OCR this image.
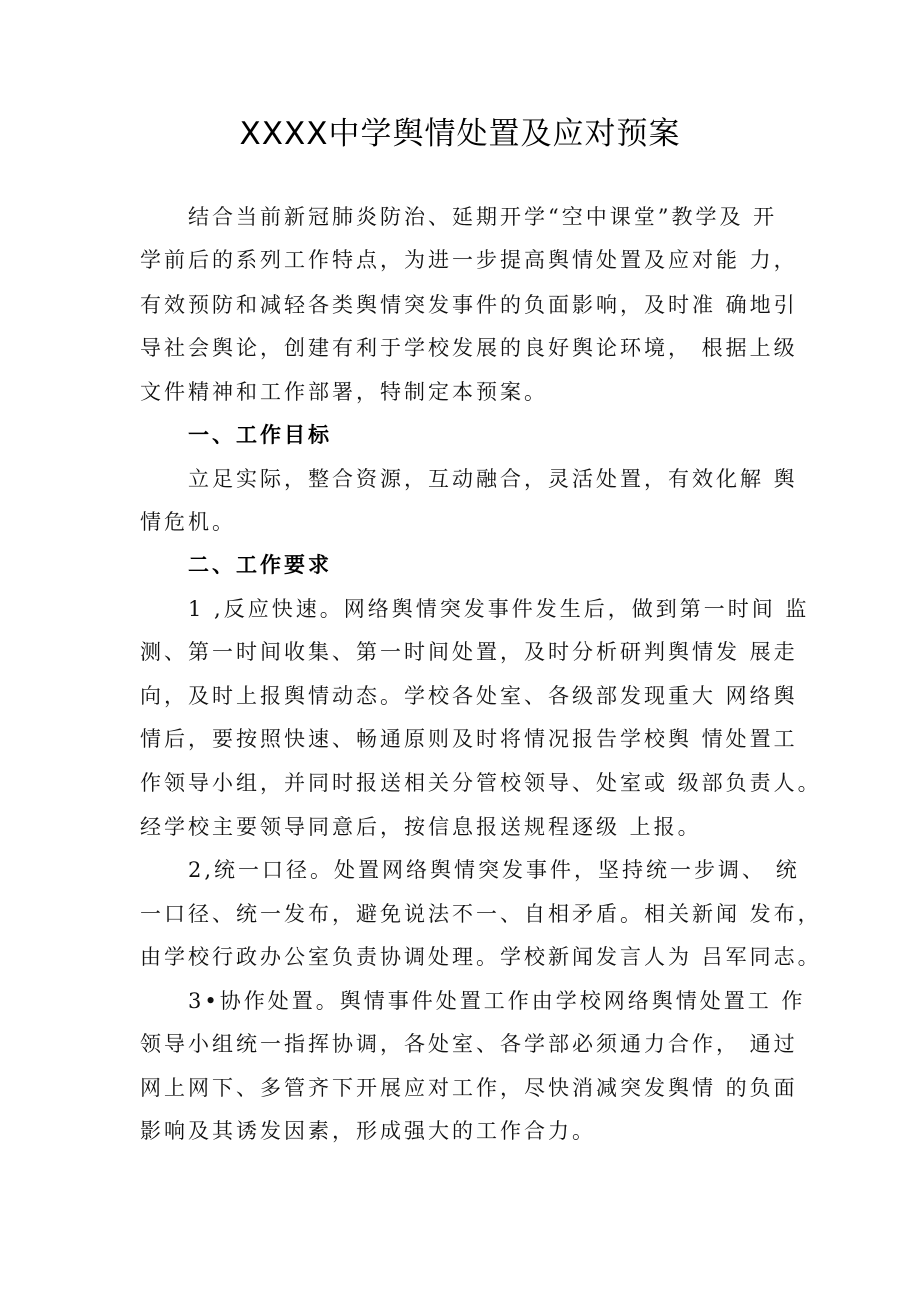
XXXX中学舆情处置及应对预案
结合当前新冠肺炎防治、延期开学“空中课堂”教学及 开
学前后的系列工作特点，为进一步提高舆情处置及应对能 力，
有效预防和减轻各类舆情突发事件的负面影响，及时准 确地引
导社会舆论，创建有利于学校发展的良好舆论环境， 根据上级
文件精神和工作部署，特制定本预案。
一、工作目标
立足实际，整合资源，互动融合，灵活处置，有效化解 舆
情危机。
二、工作要求
1 ,反应快速。网络舆情突发事件发生后，做到第一时间 监
测、第一时间收集、第一时间处置，及时分析研判舆情发 展走
向，及时上报舆情动态。学校各处室、各级部发现重大 网络舆
情后，要按照快速、畅通原则及时将情况报告学校舆 情处置工
作领导小组，并同时报送相关分管校领导、处室或 级部负责人。
经学校主要领导同意后，按信息报送规程逐级 上报。
2,统一口径。处置网络舆情突发事件，坚持统一步调、 统
一口径、统一发布，避免说法不一、自相矛盾。相关新闻 发布，
由学校行政办公室负责协调处理。学校新闻发言人为 吕军同志。
3•协作处置。舆情事件处置工作由学校网络舆情处置工 作
领导小组统一指挥协调，各处室、各学部必须通力合作， 通过
网上网下、多管齐下开展应对工作，尽快消减突发舆情 的负面
影响及其诱发因素，形成强大的工作合力。
